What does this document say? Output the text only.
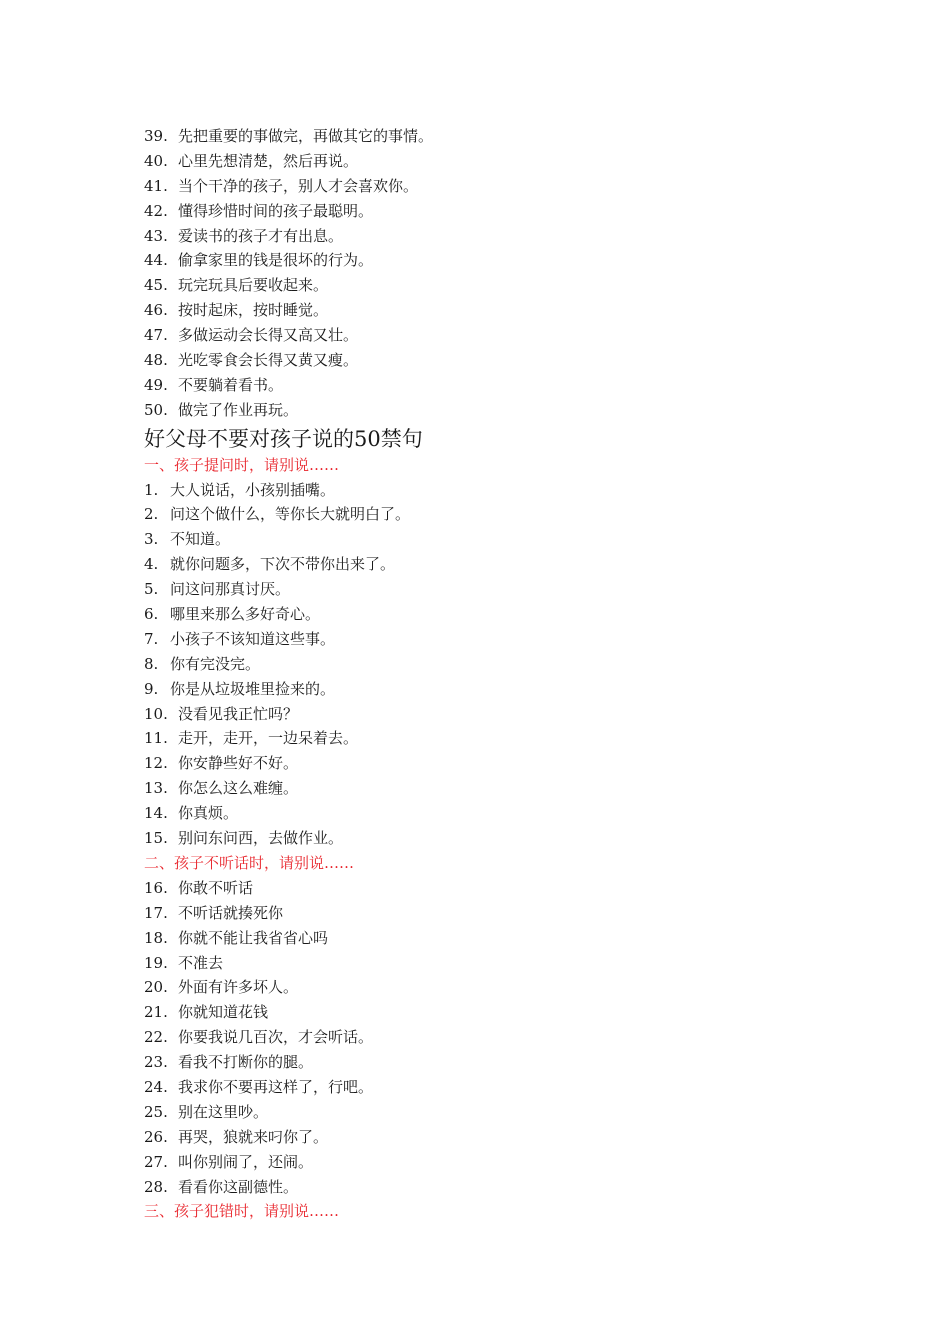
39. 先把重要的事做完，再做其它的事情。
40. 心里先想清楚，然后再说。
41. 当个干净的孩子，别人才会喜欢你。
42. 懂得珍惜时间的孩子最聪明。
43. 爱读书的孩子才有出息。
44. 偷拿家里的钱是很坏的行为。
45. 玩完玩具后要收起来。
46. 按时起床，按时睡觉。
47. 多做运动会长得又高又壮。
48. 光吃零食会长得又黄又瘦。
49. 不要躺着看书。
50. 做完了作业再玩。
好父母不要对孩子说的50禁句
一、孩子提问时，请别说……
1. 大人说话，小孩别插嘴。
2. 问这个做什么，等你长大就明白了。
3. 不知道。
4. 就你问题多，下次不带你出来了。
5. 问这问那真讨厌。
6. 哪里来那么多好奇心。
7. 小孩子不该知道这些事。
8. 你有完没完。
9. 你是从垃圾堆里捡来的。
10. 没看见我正忙吗？
11. 走开，走开，一边呆着去。
12. 你安静些好不好。
13. 你怎么这么难缠。
14. 你真烦。
15. 别问东问西，去做作业。
二、孩子不听话时，请别说……
16. 你敢不听话
17. 不听话就揍死你
18. 你就不能让我省省心吗
19. 不准去
20. 外面有许多坏人。
21. 你就知道花钱
22. 你要我说几百次，才会听话。
23. 看我不打断你的腿。
24. 我求你不要再这样了，行吧。
25. 别在这里吵。
26. 再哭，狼就来叼你了。
27. 叫你别闹了，还闹。
28. 看看你这副德性。
三、孩子犯错时，请别说……
